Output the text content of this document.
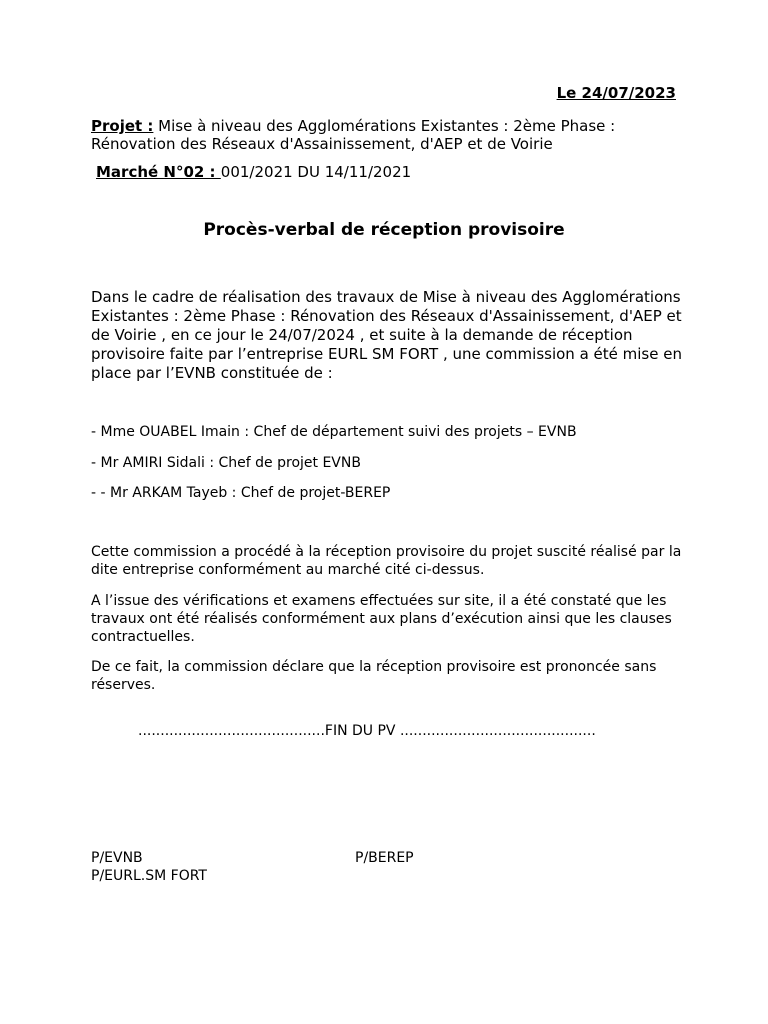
Le 24/07/2023
Projet : Mise à niveau des Agglomérations Existantes : 2ème Phase : Rénovation des Réseaux d'Assainissement, d'AEP et de Voirie
Marché N°02 : 001/2021 DU 14/11/2021
Procès-verbal de réception provisoire
Dans le cadre de réalisation des travaux de Mise à niveau des Agglomérations Existantes : 2ème Phase : Rénovation des Réseaux d'Assainissement, d'AEP et de Voirie , en ce jour le 24/07/2024 , et suite à la demande de réception provisoire faite par l’entreprise EURL SM FORT , une commission a été mise en place par l’EVNB constituée de :
- Mme OUABEL Imain : Chef de département suivi des projets – EVNB
- Mr AMIRI Sidali : Chef de projet EVNB
- - Mr ARKAM Tayeb : Chef de projet-BEREP
Cette commission a procédé à la réception provisoire du projet suscité réalisé par la dite entreprise conformément au marché cité ci-dessus.
A l’issue des vérifications et examens effectuées sur site, il a été constaté que les travaux ont été réalisés conformément aux plans d’exécution ainsi que les clauses contractuelles.
De ce fait, la commission déclare que la réception provisoire est prononcée sans réserves.
..........................................FIN DU PV ............................................
P/EVNB	P/BEREP
P/EURL.SM FORT
